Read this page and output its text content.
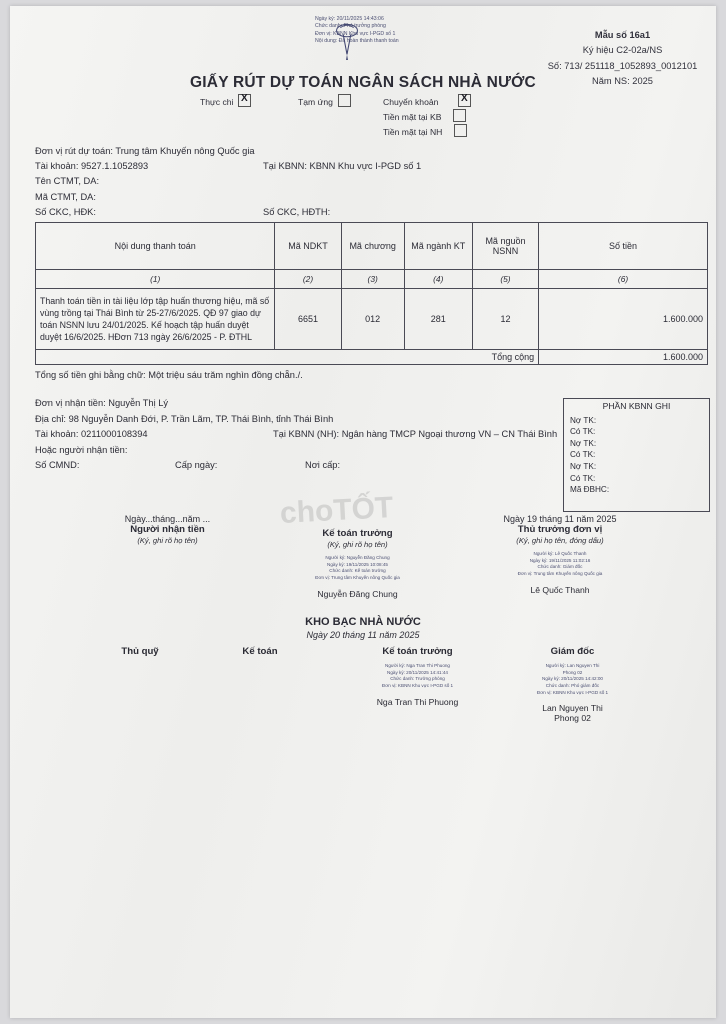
Ngày ký: 20/11/2025 14:43:06
Chức danh: Phó trưởng phòng
Đơn vị: KBNN Khu vực I-PGD số 1
Nội dung: Đã hoàn thành thanh toán
Mẫu số 16a1
Ký hiệu C2-02a/NS
Số: 713/ 251118_1052893_0012101
Năm NS: 2025
GIẤY RÚT DỰ TOÁN NGÂN SÁCH NHÀ NƯỚC
Thực chi X	Tạm ứng	Chuyển khoảnX
Tiền mặt tại KB
Tiền mặt tại NH
Đơn vị rút dự toán: Trung tâm Khuyến nông Quốc gia
Tài khoản: 9527.1.1052893	Tại KBNN: KBNN Khu vực I-PGD số 1
Tên CTMT, DA:
Mã CTMT, DA:
Số CKC, HĐK:	Số CKC, HĐTH:
Nội dung thanh toán	Mã NDKT	Mã chương	Mã ngành KT	Mã nguồn NSNN	Số tiền
(1)	(2)	(3)	(4)	(5)	(6)
Thanh toán tiền in tài liệu lớp tập huấn thương hiệu, mã số vùng trồng tại Thái Bình từ 25-27/6/2025. QĐ 97 giao dự toán NSNN lưu 24/01/2025. Kế hoạch tập huấn duyệt duyệt 16/6/2025. HĐơn 713 ngày 26/6/2025 - P. ĐTHL	6651	012	281	12	1.600.000
Tổng cộng					1.600.000
Tổng số tiền ghi bằng chữ: Một triệu sáu trăm nghìn đồng chẵn./.
Đơn vị nhận tiền: Nguyễn Thị Lý
Địa chỉ: 98 Nguyễn Danh Đới, P. Trần Lãm, TP. Thái Bình, tỉnh Thái Bình
Tài khoản: 0211000108394	Tại KBNN (NH): Ngân hàng TMCP Ngoại thương VN – CN Thái Bình
Hoặc người nhận tiền:
Số CMND:	Cấp ngày:	Nơi cấp:
PHẦN KBNN GHI
Nợ TK:
Có TK:
Nợ TK:
Có TK:
Nợ TK:
Có TK:
Mã ĐBHC:
choTỐT
Ngày...tháng...năm ...
Người nhận tiền
(Ký, ghi rõ họ tên)
Kế toán trưởng
(Ký, ghi rõ họ tên)
Người ký: Nguyễn Đăng Chung
Ngày ký: 19/11/2025 10:08:45
Chức danh: Kế toán trưởng
Đơn vị: Trung tâm Khuyến nông Quốc gia
Nguyễn Đăng Chung
Ngày 19 tháng 11 năm 2025
Thủ trưởng đơn vị
(Ký, ghi họ tên, đóng dấu)
Người ký: Lê Quốc Thanh
Ngày ký: 19/11/2025 11:02:16
Chức danh: Giám đốc
Đơn vị: Trung tâm Khuyến nông Quốc gia
Lê Quốc Thanh
KHO BẠC NHÀ NƯỚC
Ngày 20 tháng 11 năm 2025
Thủ quỹ	Kế toán	Kế toán trưởng
Người ký: Nga Tran Thi Phuong
Ngày ký: 20/11/2025 14:41:44
Chức danh: Trưởng phòng
Đơn vị: KBNN Khu vực I-PGD số 1
Nga Tran Thi Phuong
Giám đốc
Người ký: Lan Nguyen Thi
Phong 02
Ngày ký: 20/11/2025 14:42:00
Chức danh: Phó giám đốc
Đơn vị: KBNN Khu vực I-PGD số 1
Lan Nguyen Thi
Phong 02
